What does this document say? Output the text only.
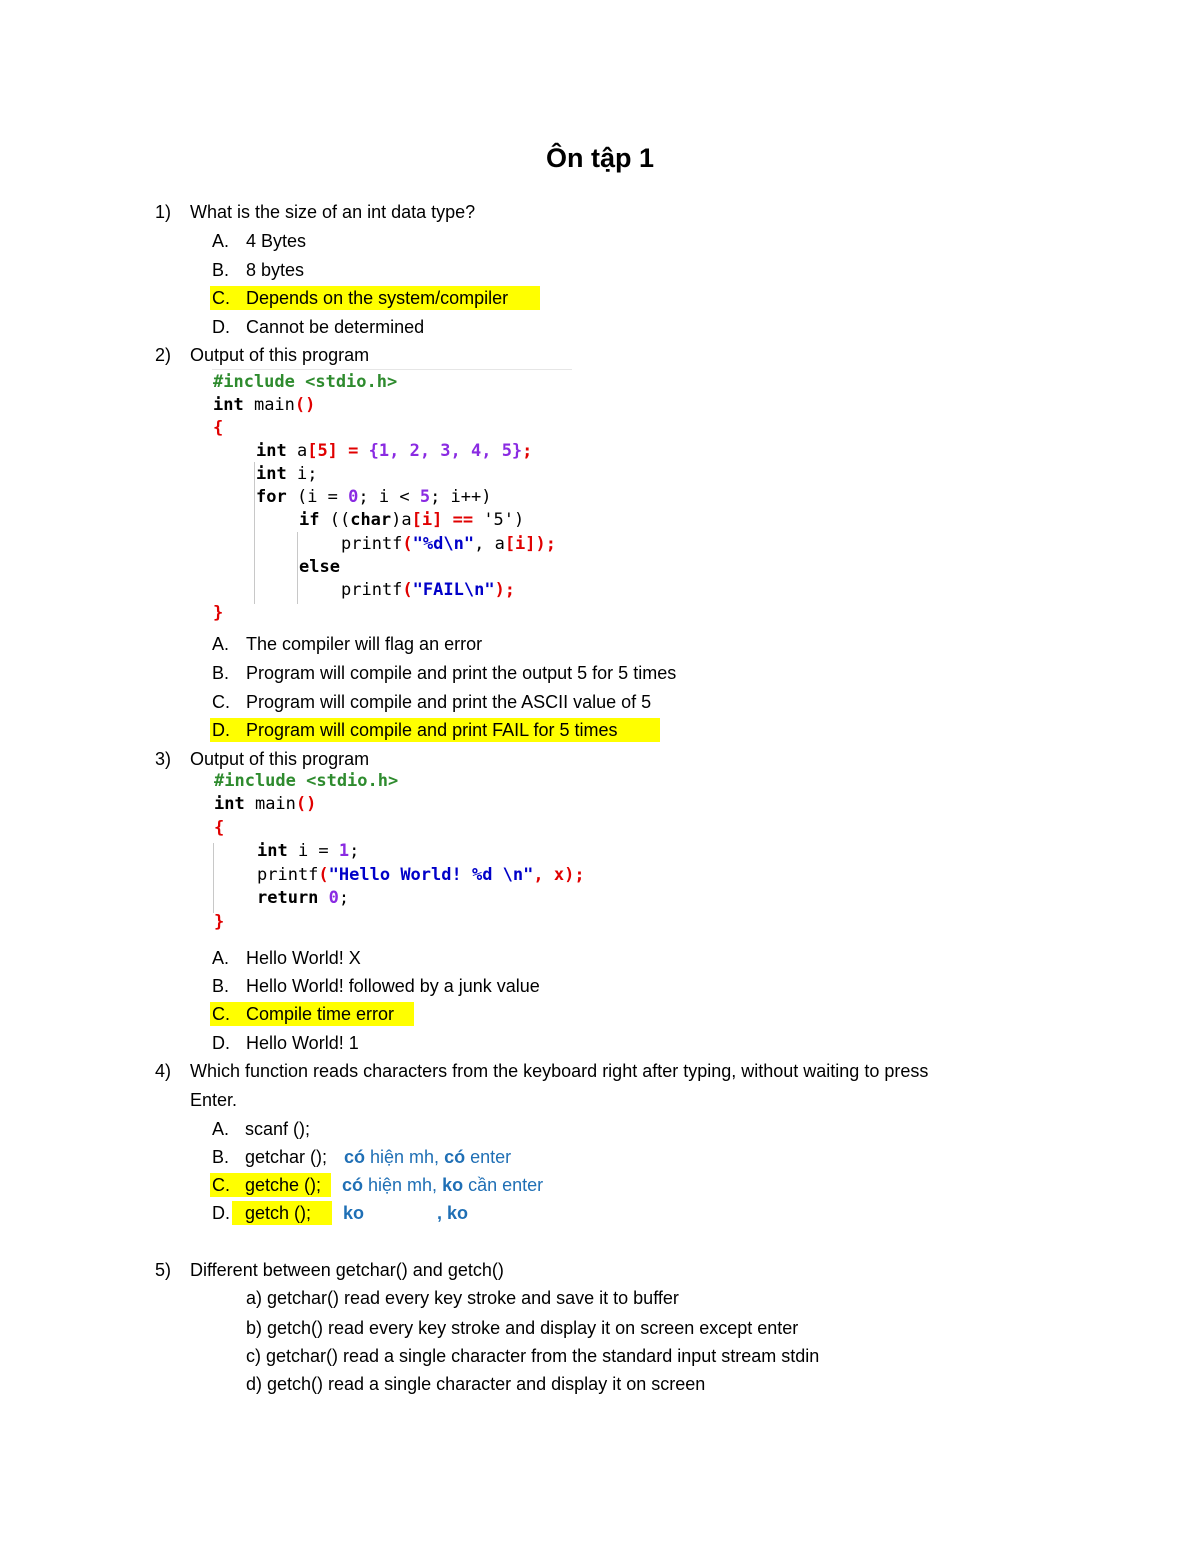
Ôn tập 1
1) What is the size of an int data type?
A. 4 Bytes
B. 8 bytes
C. Depends on the system/compiler
D. Cannot be determined
2) Output of this program
#include <stdio.h>
int main()
{
int a[5] = {1, 2, 3, 4, 5};
int i;
for (i = 0; i < 5; i++)
if ((char)a[i] == '5')
printf("%d\n", a[i]);
else
printf("FAIL\n");
}
A. The compiler will flag an error
B. Program will compile and print the output 5 for 5 times
C. Program will compile and print the ASCII value of 5
D. Program will compile and print FAIL for 5 times
3) Output of this program
#include <stdio.h>
int main()
{
int i = 1;
printf("Hello World! %d \n", x);
return 0;
}
A. Hello World! X
B. Hello World! followed by a junk value
C. Compile time error
D. Hello World! 1
4) Which function reads characters from the keyboard right after typing, without waiting to press
Enter.
A. scanf ();
B. getchar (); có hiện mh, có enter
C. getche (); có hiện mh, ko cần enter
D. getch (); ko	, ko
5) Different between getchar() and getch()
a) getchar() read every key stroke and save it to buffer
b) getch() read every key stroke and display it on screen except enter
c) getchar() read a single character from the standard input stream stdin
d) getch() read a single character and display it on screen
